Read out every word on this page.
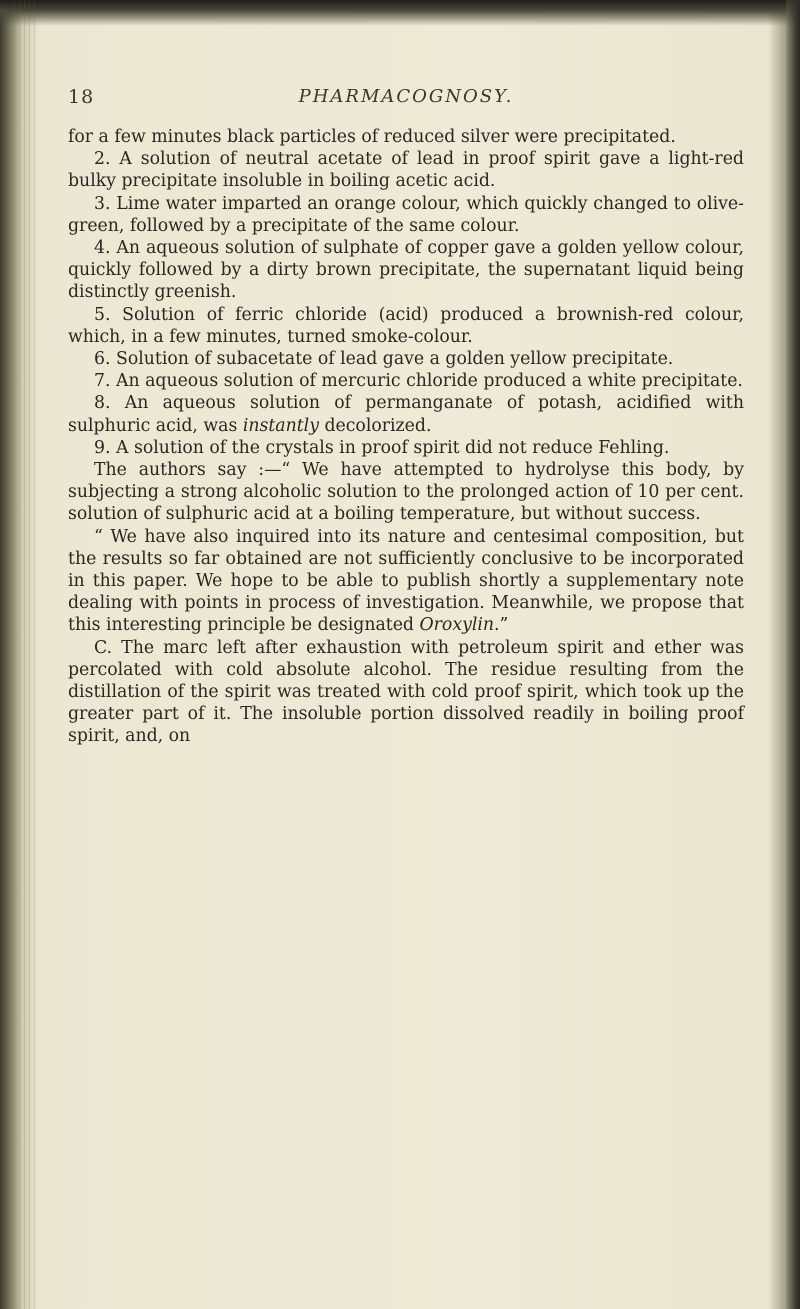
18	PHARMACOGNOSY.

for a few minutes black particles of reduced silver were precipitated.

2. A solution of neutral acetate of lead in proof spirit gave a light-red bulky precipitate insoluble in boiling acetic acid.

3. Lime water imparted an orange colour, which quickly changed to olive-green, followed by a precipitate of the same colour.

4. An aqueous solution of sulphate of copper gave a golden yellow colour, quickly followed by a dirty brown precipitate, the supernatant liquid being distinctly greenish.

5. Solution of ferric chloride (acid) produced a brownish-red colour, which, in a few minutes, turned smoke-colour.

6. Solution of subacetate of lead gave a golden yellow precipitate.

7. An aqueous solution of mercuric chloride produced a white precipitate.

8. An aqueous solution of permanganate of potash, acidified with sulphuric acid, was instantly decolorized.

9. A solution of the crystals in proof spirit did not reduce Fehling.

The authors say :—“ We have attempted to hydrolyse this body, by subjecting a strong alcoholic solution to the prolonged action of 10 per cent. solution of sulphuric acid at a boiling temperature, but without success.

“ We have also inquired into its nature and centesimal composition, but the results so far obtained are not sufficiently conclusive to be incorporated in this paper. We hope to be able to publish shortly a supplementary note dealing with points in process of investigation. Meanwhile, we propose that this interesting principle be designated Oroxylin.”

C. The marc left after exhaustion with petroleum spirit and ether was percolated with cold absolute alcohol. The residue resulting from the distillation of the spirit was treated with cold proof spirit, which took up the greater part of it. The insoluble portion dissolved readily in boiling proof spirit, and, on
